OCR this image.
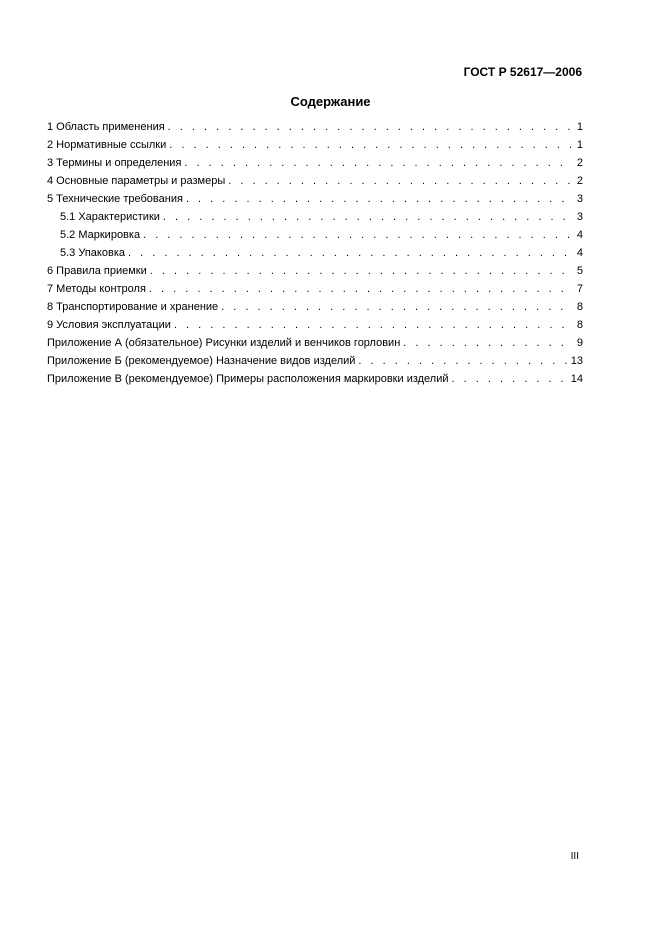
ГОСТ Р 52617—2006
Содержание
1 Область применения . . .	1
2 Нормативные ссылки . . .	1
3 Термины и определения . . .	2
4 Основные параметры и размеры . . .	2
5 Технические требования . . .	3
5.1 Характеристики . . .	3
5.2 Маркировка . . .	4
5.3 Упаковка . . .	4
6 Правила приемки . . .	5
7 Методы контроля . . .	7
8 Транспортирование и хранение . . .	8
9 Условия эксплуатации . . .	8
Приложение А (обязательное) Рисунки изделий и венчиков горловин . . .	9
Приложение Б (рекомендуемое) Назначение видов изделий . . .	13
Приложение В (рекомендуемое) Примеры расположения маркировки изделий . . .	14
III
